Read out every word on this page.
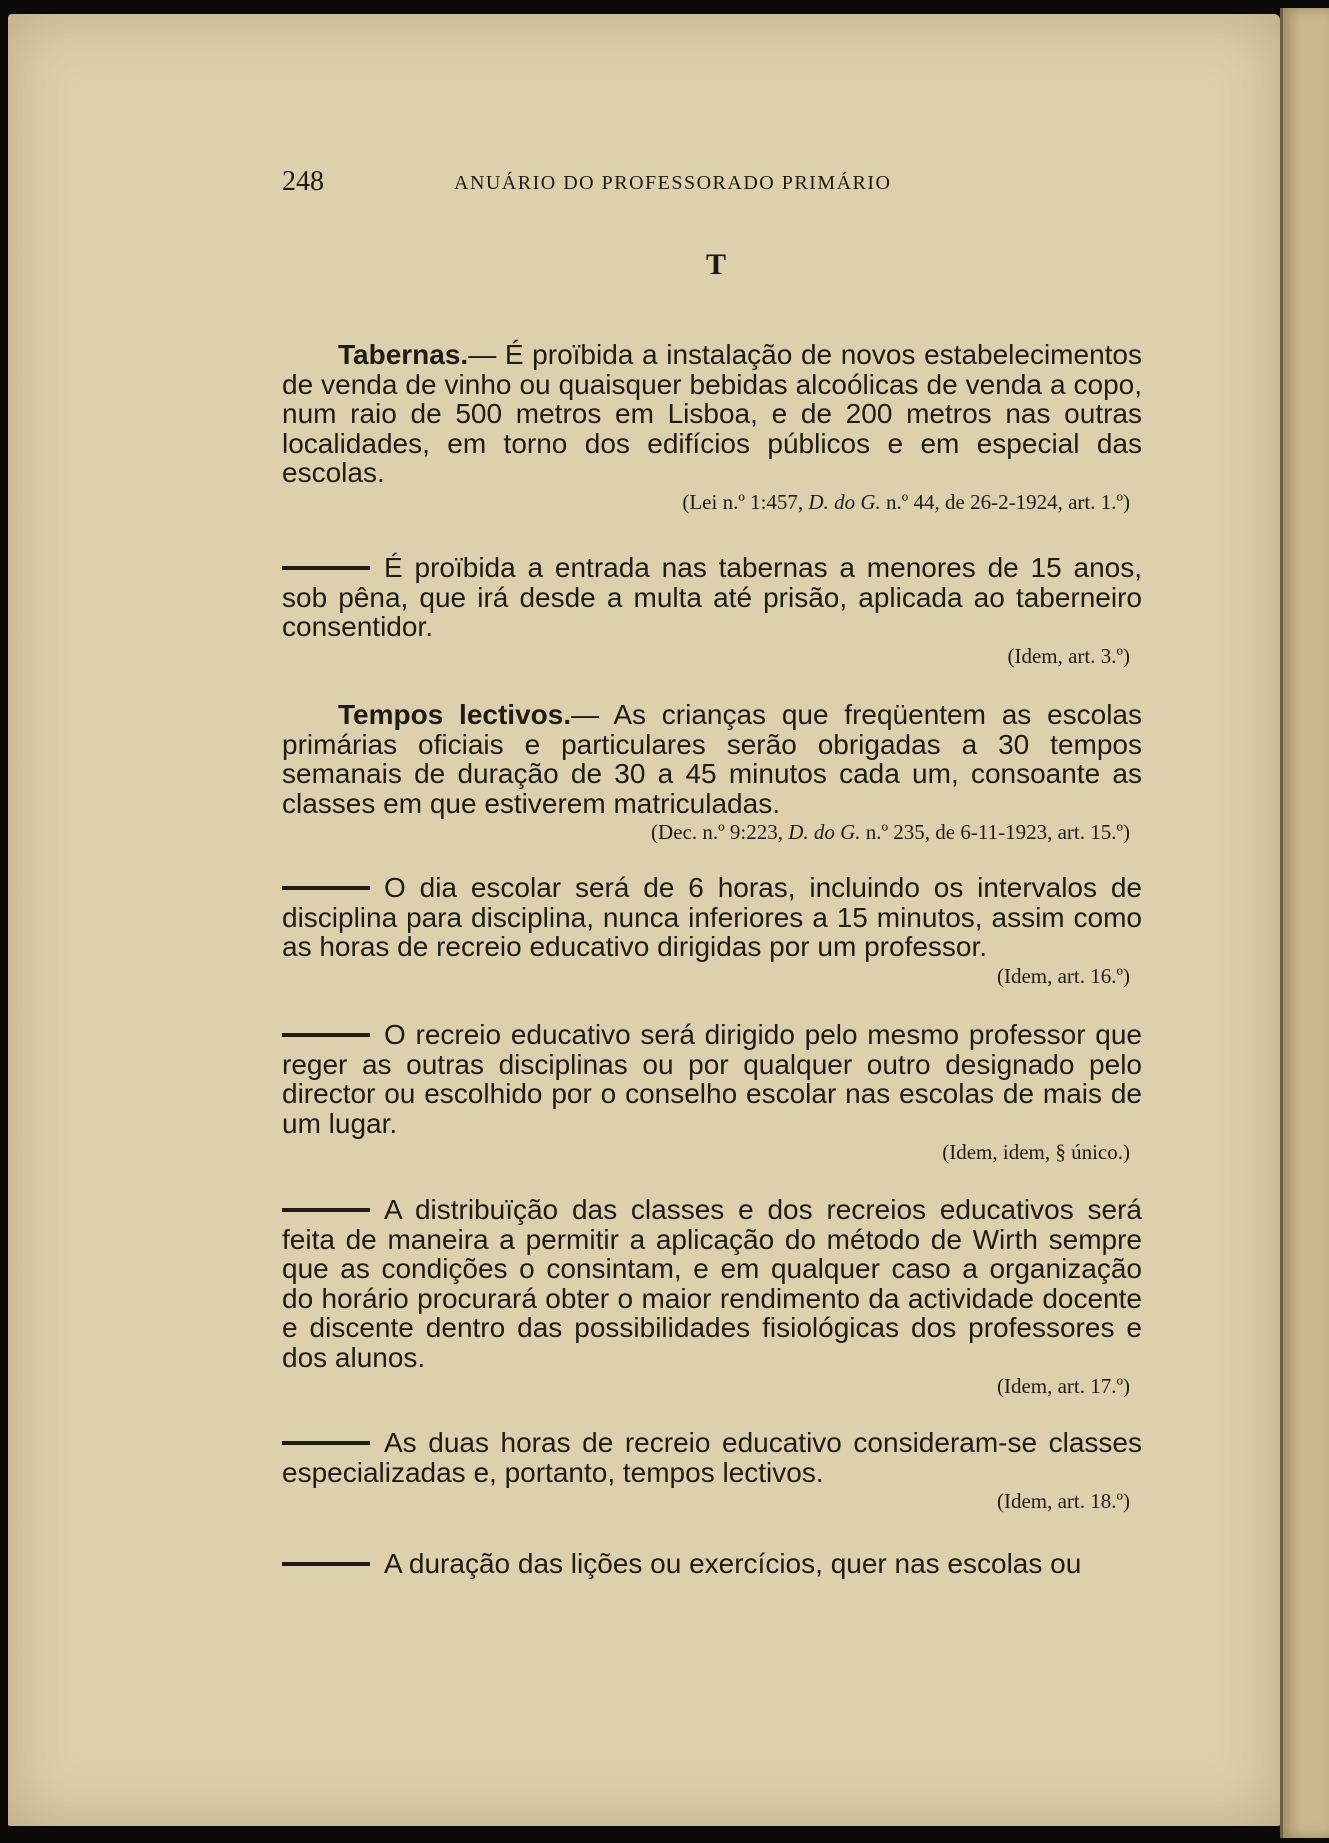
248	ANUÁRIO DO PROFESSORADO PRIMÁRIO
T

Tabernas.— É proïbida a instalação de novos estabelecimentos de venda de vinho ou quaisquer bebidas alcoólicas de venda a copo, num raio de 500 metros em Lisboa, e de 200 metros nas outras localidades, em torno dos edifícios públicos e em especial das escolas.

(Lei n.º 1:457, D. do G. n.º 44, de 26-2-1924, art. 1.º)

É proïbida a entrada nas tabernas a menores de 15 anos, sob pêna, que irá desde a multa até prisão, aplicada ao taberneiro consentidor.

(Idem, art. 3.º)

Tempos lectivos.— As crianças que freqüentem as escolas primárias oficiais e particulares serão obrigadas a 30 tempos semanais de duração de 30 a 45 minutos cada um, consoante as classes em que estiverem matriculadas.

(Dec. n.º 9:223, D. do G. n.º 235, de 6-11-1923, art. 15.º)

O dia escolar será de 6 horas, incluindo os intervalos de disciplina para disciplina, nunca inferiores a 15 minutos, assim como as horas de recreio educativo dirigidas por um professor.

(Idem, art. 16.º)

O recreio educativo será dirigido pelo mesmo professor que reger as outras disciplinas ou por qualquer outro designado pelo director ou escolhido por o conselho escolar nas escolas de mais de um lugar.

(Idem, idem, § único.)

A distribuïção das classes e dos recreios educativos será feita de maneira a permitir a aplicação do método de Wirth sempre que as condições o consintam, e em qualquer caso a organização do horário procurará obter o maior rendimento da actividade docente e discente dentro das possibilidades fisiológicas dos professores e dos alunos.

(Idem, art. 17.º)

As duas horas de recreio educativo consideram-se classes especializadas e, portanto, tempos lectivos.

(Idem, art. 18.º)

A duração das lições ou exercícios, quer nas escolas ou
